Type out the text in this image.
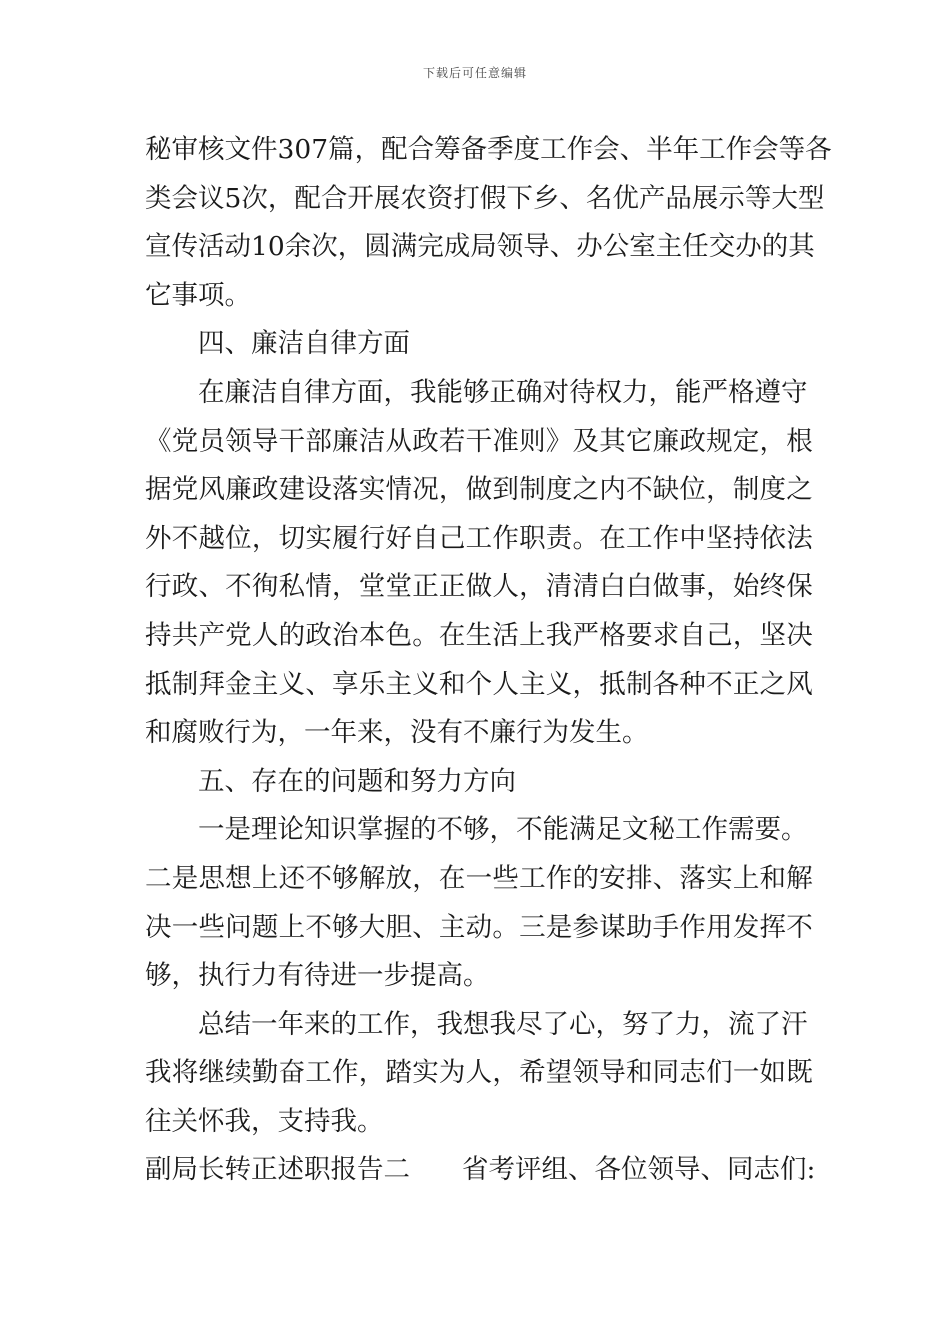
下载后可任意编辑
秘 审 核 文 件 3 0 7 篇 ， 配 合 筹 备 季 度 工 作 会 、 半 年 工 作 会 等 各
类 会 议 5 次 ， 配 合 开 展 农 资 打 假 下 乡 、 名 优 产 品 展 示 等 大 型
宣 传 活 动 1 0 余 次 ， 圆 满 完 成 局 领 导 、 办 公 室 主 任 交 办 的 其
它事项。
四、廉洁自律方面
在廉洁自律方面，我能够正确对待权力，能严格遵守
《 党 员 领 导 干 部 廉 洁 从 政 若 干 准 则 》 及 其 它 廉 政 规 定 ， 根
据 党 风 廉 政 建 设 落 实 情 况 ， 做 到 制 度 之 内 不 缺 位 ， 制 度 之
外 不 越 位 ， 切 实 履 行 好 自 己 工 作 职 责 。 在 工 作 中 坚 持 依 法
行 政 、 不 徇 私 情 ， 堂 堂 正 正 做 人 ， 清 清 白 白 做 事 ， 始 终 保
持 共 产 党 人 的 政 治 本 色 。 在 生 活 上 我 严 格 要 求 自 己 ， 坚 决
抵 制 拜 金 主 义 、 享 乐 主 义 和 个 人 主 义 ， 抵 制 各 种 不 正 之 风
和腐败行为，一年来，没有不廉行为发生。
五、存在的问题和努力方向
一是理论知识掌握的不够，不能满足文秘工作需要。
二 是 思 想 上 还 不 够 解 放 ， 在 一 些 工 作 的 安 排 、 落 实 上 和 解
决 一 些 问 题 上 不 够 大 胆 、 主 动 。 三 是 参 谋 助 手 作 用 发 挥 不
够，执行力有待进一步提高。
总结一年来的工作，我想我尽了心，努了力，流了汗
我 将 继 续 勤 奋 工 作 ， 踏 实 为 人 ， 希 望 领 导 和 同 志 们 一 如 既
往关怀我，支持我。
副局长转正述职报告二 省考评组、各位领导、同志们:
